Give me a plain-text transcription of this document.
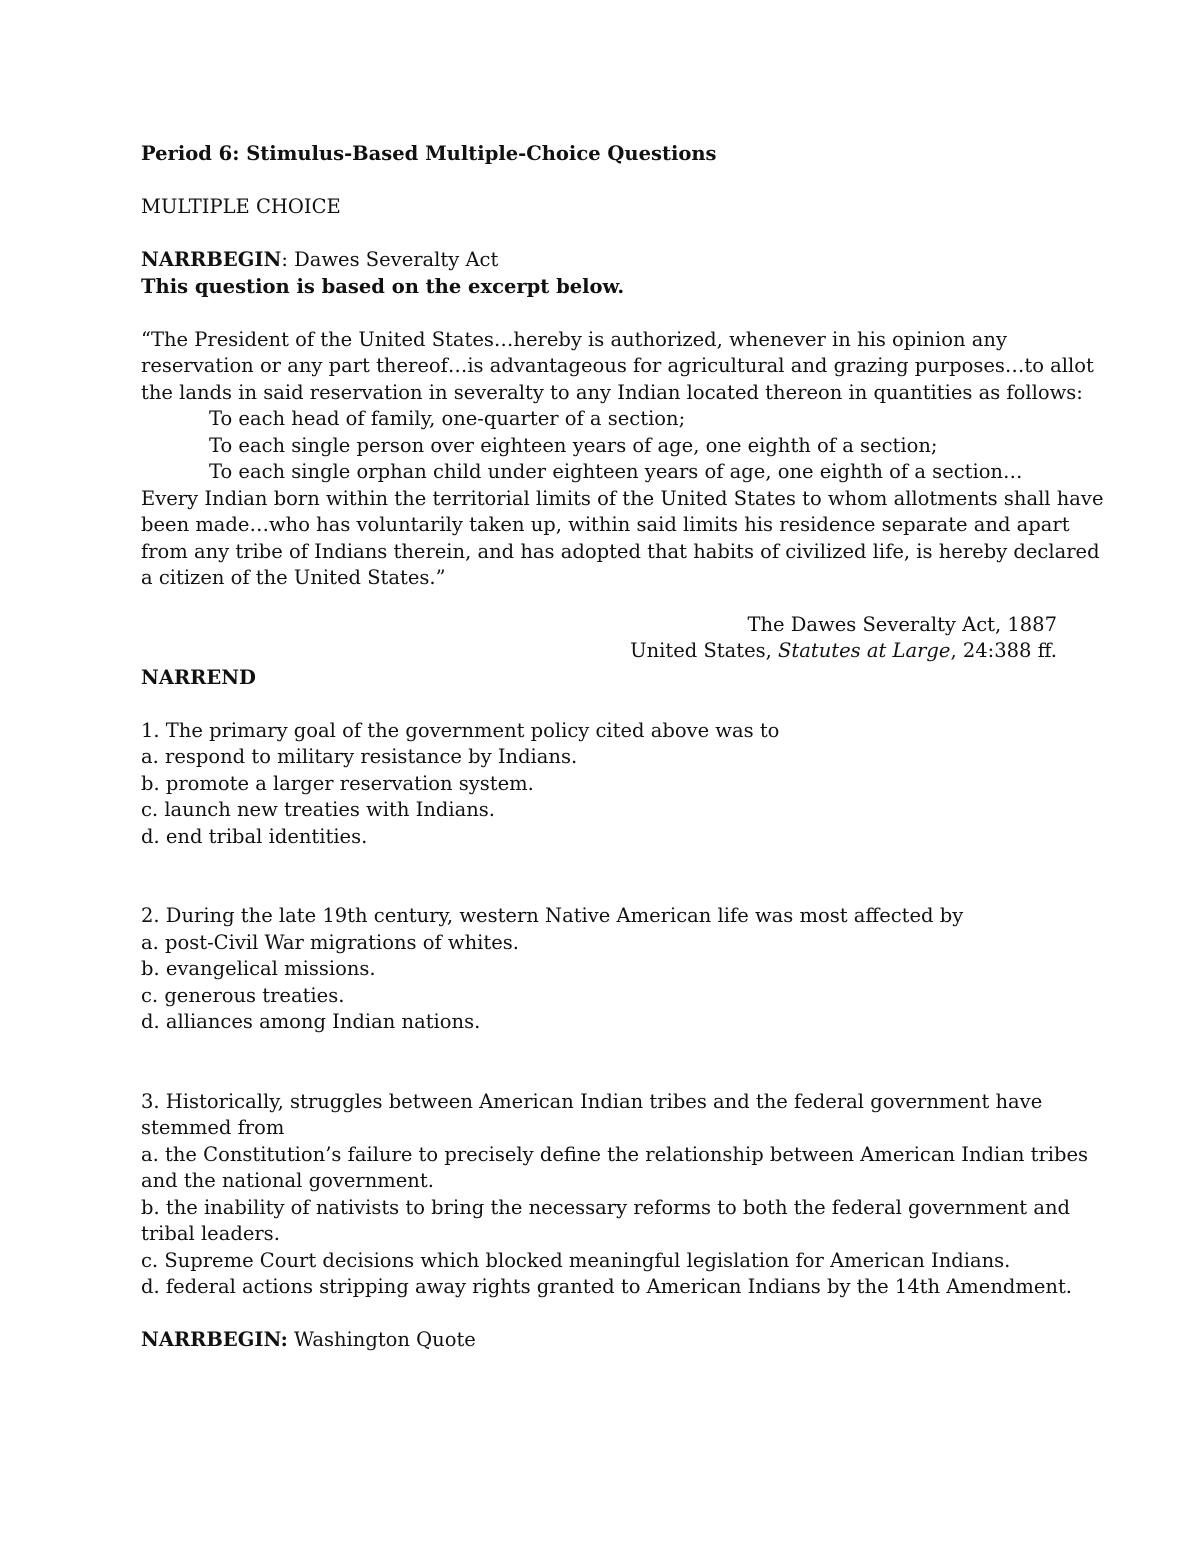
Period 6: Stimulus-Based Multiple-Choice Questions
MULTIPLE CHOICE
NARRBEGIN: Dawes Severalty Act
This question is based on the excerpt below.
“The President of the United States…hereby is authorized, whenever in his opinion any
reservation or any part thereof…is advantageous for agricultural and grazing purposes…to allot
the lands in said reservation in severalty to any Indian located thereon in quantities as follows:
To each head of family, one-quarter of a section;
To each single person over eighteen years of age, one eighth of a section;
To each single orphan child under eighteen years of age, one eighth of a section…
Every Indian born within the territorial limits of the United States to whom allotments shall have
been made…who has voluntarily taken up, within said limits his residence separate and apart
from any tribe of Indians therein, and has adopted that habits of civilized life, is hereby declared
a citizen of the United States.”
The Dawes Severalty Act, 1887
United States, Statutes at Large, 24:388 ff.
NARREND
1. The primary goal of the government policy cited above was to
a. respond to military resistance by Indians.
b. promote a larger reservation system.
c. launch new treaties with Indians.
d. end tribal identities.
2. During the late 19th century, western Native American life was most affected by
a. post-Civil War migrations of whites.
b. evangelical missions.
c. generous treaties.
d. alliances among Indian nations.
3. Historically, struggles between American Indian tribes and the federal government have
stemmed from
a. the Constitution’s failure to precisely define the relationship between American Indian tribes
and the national government.
b. the inability of nativists to bring the necessary reforms to both the federal government and
tribal leaders.
c. Supreme Court decisions which blocked meaningful legislation for American Indians.
d. federal actions stripping away rights granted to American Indians by the 14th Amendment.
NARRBEGIN: Washington Quote
